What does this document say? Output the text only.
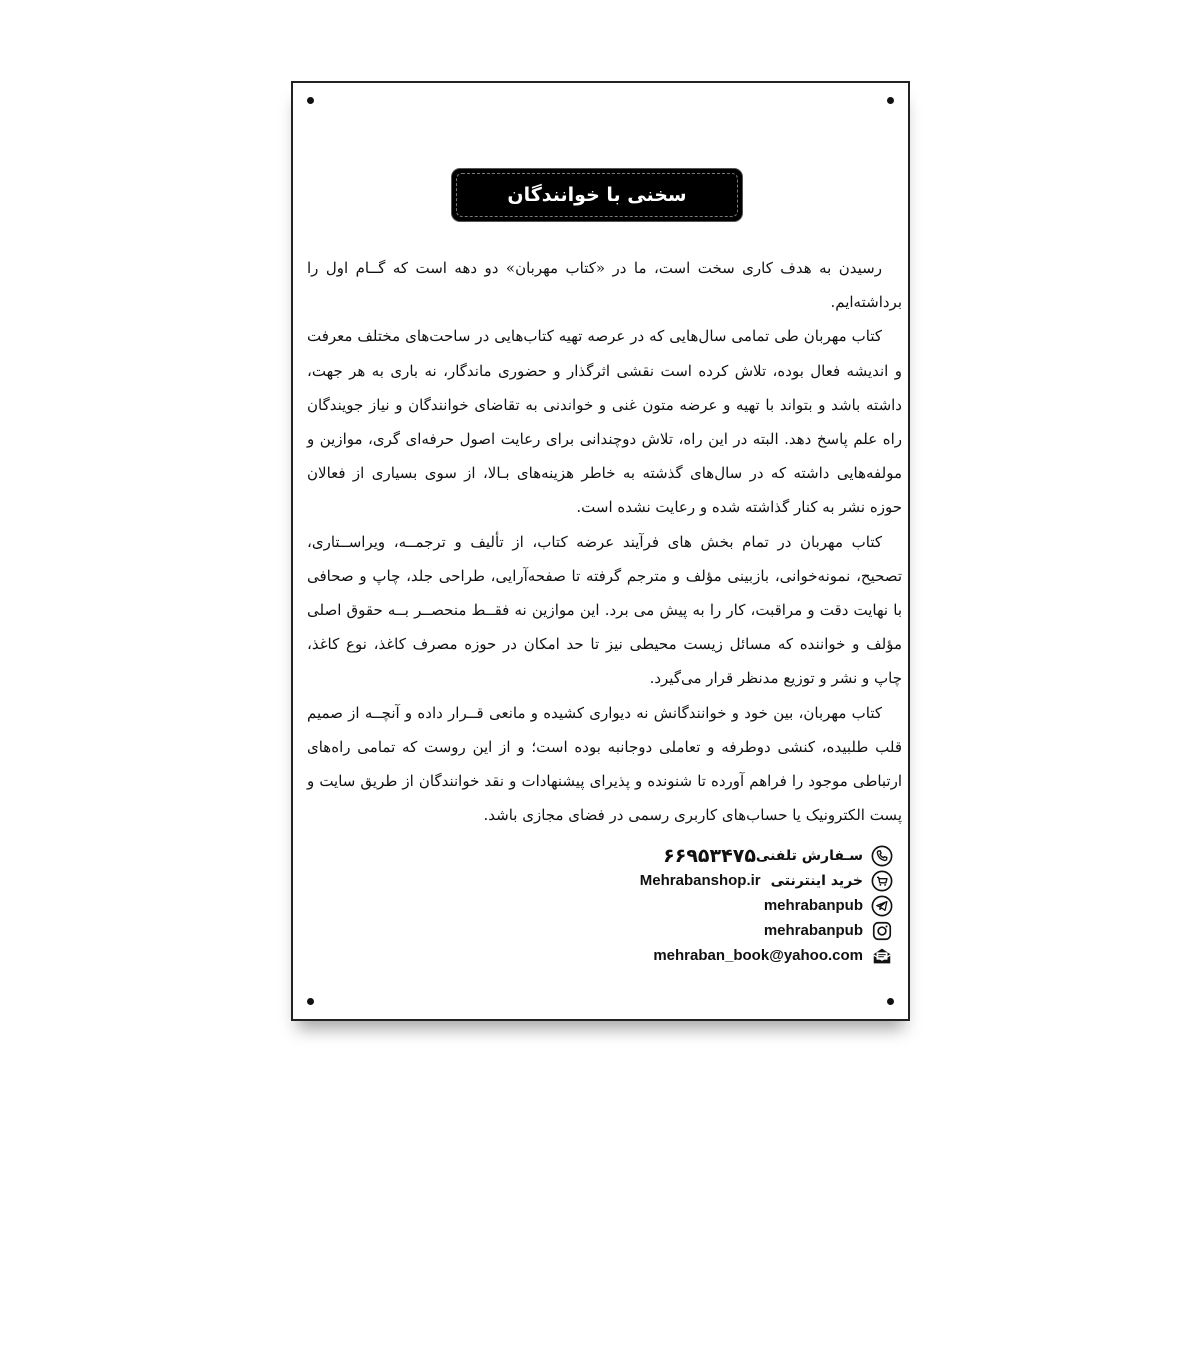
سخنی با خوانندگان

رسیدن به هدف کاری سخت است، ما در «کتاب مهربان» دو دهه است که گــام اول را برداشته‌ایم.

کتاب مهربان طی تمامی سال‌هایی که در عرصه تهیه کتاب‌هایی در ساحت‌های مختلف معرفت و اندیشه فعال بوده، تلاش کرده است نقشی اثرگذار و حضوری ماندگار، نه باری به هر جهت، داشته باشد و بتواند با تهیه و عرضه متون غنی و خواندنی به تقاضای خوانندگان و نیاز جویندگان راه علم پاسخ دهد. البته در این راه، تلاش دوچندانی برای رعایت اصول حرفه‌ای گری، موازین و مولفه‌هایی داشته که در سال‌های گذشته به خاطر هزینه‌های بـالا، از سوی بسیاری از فعالان حوزه نشر به کنار گذاشته شده و رعایت نشده است.

کتاب مهربان در تمام بخش های فرآیند عرضه کتاب، از تألیف و ترجمــه، ویراســتاری، تصحیح، نمونه‌خوانی، بازبینی مؤلف و مترجم گرفته تا صفحه‌آرایی، طراحی جلد، چاپ و صحافی با نهایت دقت و مراقبت، کار را به پیش می برد. این موازین نه فقــط منحصــر بــه حقوق اصلی مؤلف و خواننده که مسائل زیست محیطی نیز تا حد امکان در حوزه مصرف کاغذ، نوع کاغذ، چاپ و نشر و توزیع مدنظر قرار می‌گیرد.

کتاب مهربان، بین خود و خوانندگانش نه دیواری کشیده و مانعی قــرار داده و آنچــه از صمیم قلب طلبیده، کنشی دوطرفه و تعاملی دوجانبه بوده است؛ و از این روست که تمامی راه‌های ارتباطی موجود را فراهم آورده تا شنونده و پذیرای پیشنهادات و نقد خوانندگان از طریق سایت و پست الکترونیک یا حساب‌های کاربری رسمی در فضای مجازی باشد.

۶۶۹۵۳۴۷۵ سـفارش تلفنی
Mehrabanshop.ir خرید اینترنتی
mehrabanpub
mehrabanpub
mehraban_book@yahoo.com
